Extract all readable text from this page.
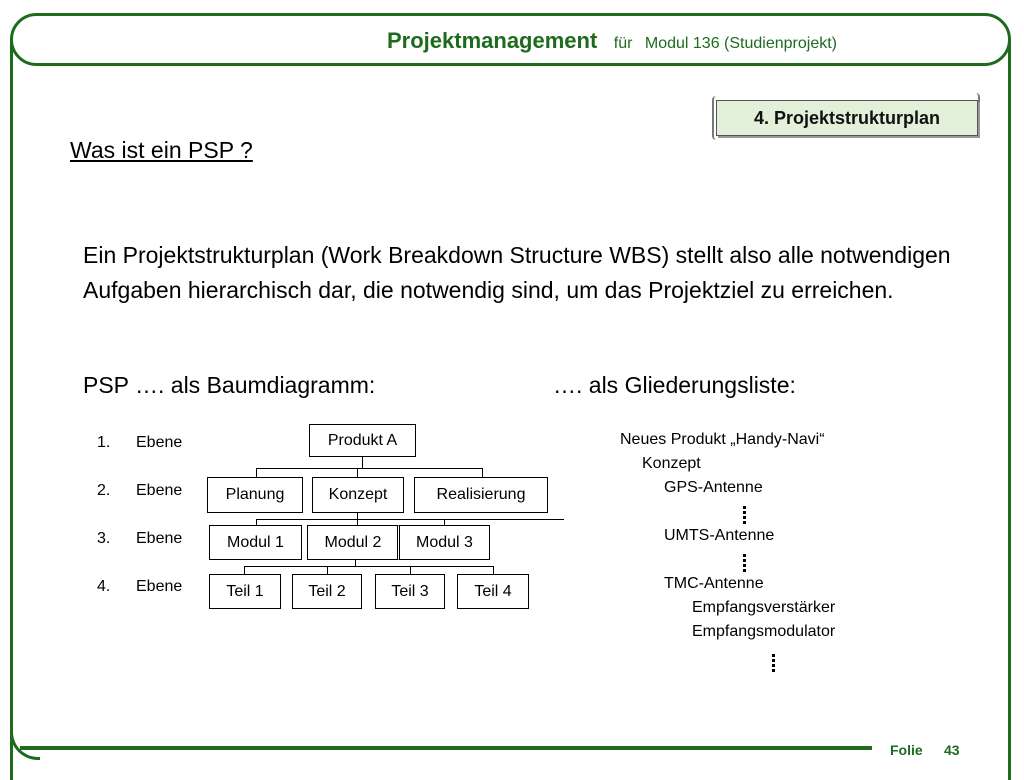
Projektmanagement für Modul 136 (Studienprojekt)
4. Projektstrukturplan
Was ist ein PSP ?
Ein Projektstrukturplan (Work Breakdown Structure WBS) stellt also alle notwendigen Aufgaben hierarchisch dar, die notwendig sind, um das Projektziel zu erreichen.
PSP …. als Baumdiagramm:	…. als Gliederungsliste:
1. Ebene
2. Ebene
3. Ebene
4. Ebene
Produkt A
Planung	Konzept	Realisierung
Modul 1	Modul 2	Modul 3
Teil 1	Teil 2	Teil 3	Teil 4
Neues Produkt „Handy-Navi“
Konzept
GPS-Antenne
UMTS-Antenne
TMC-Antenne
Empfangsverstärker
Empfangsmodulator
Folie 43
